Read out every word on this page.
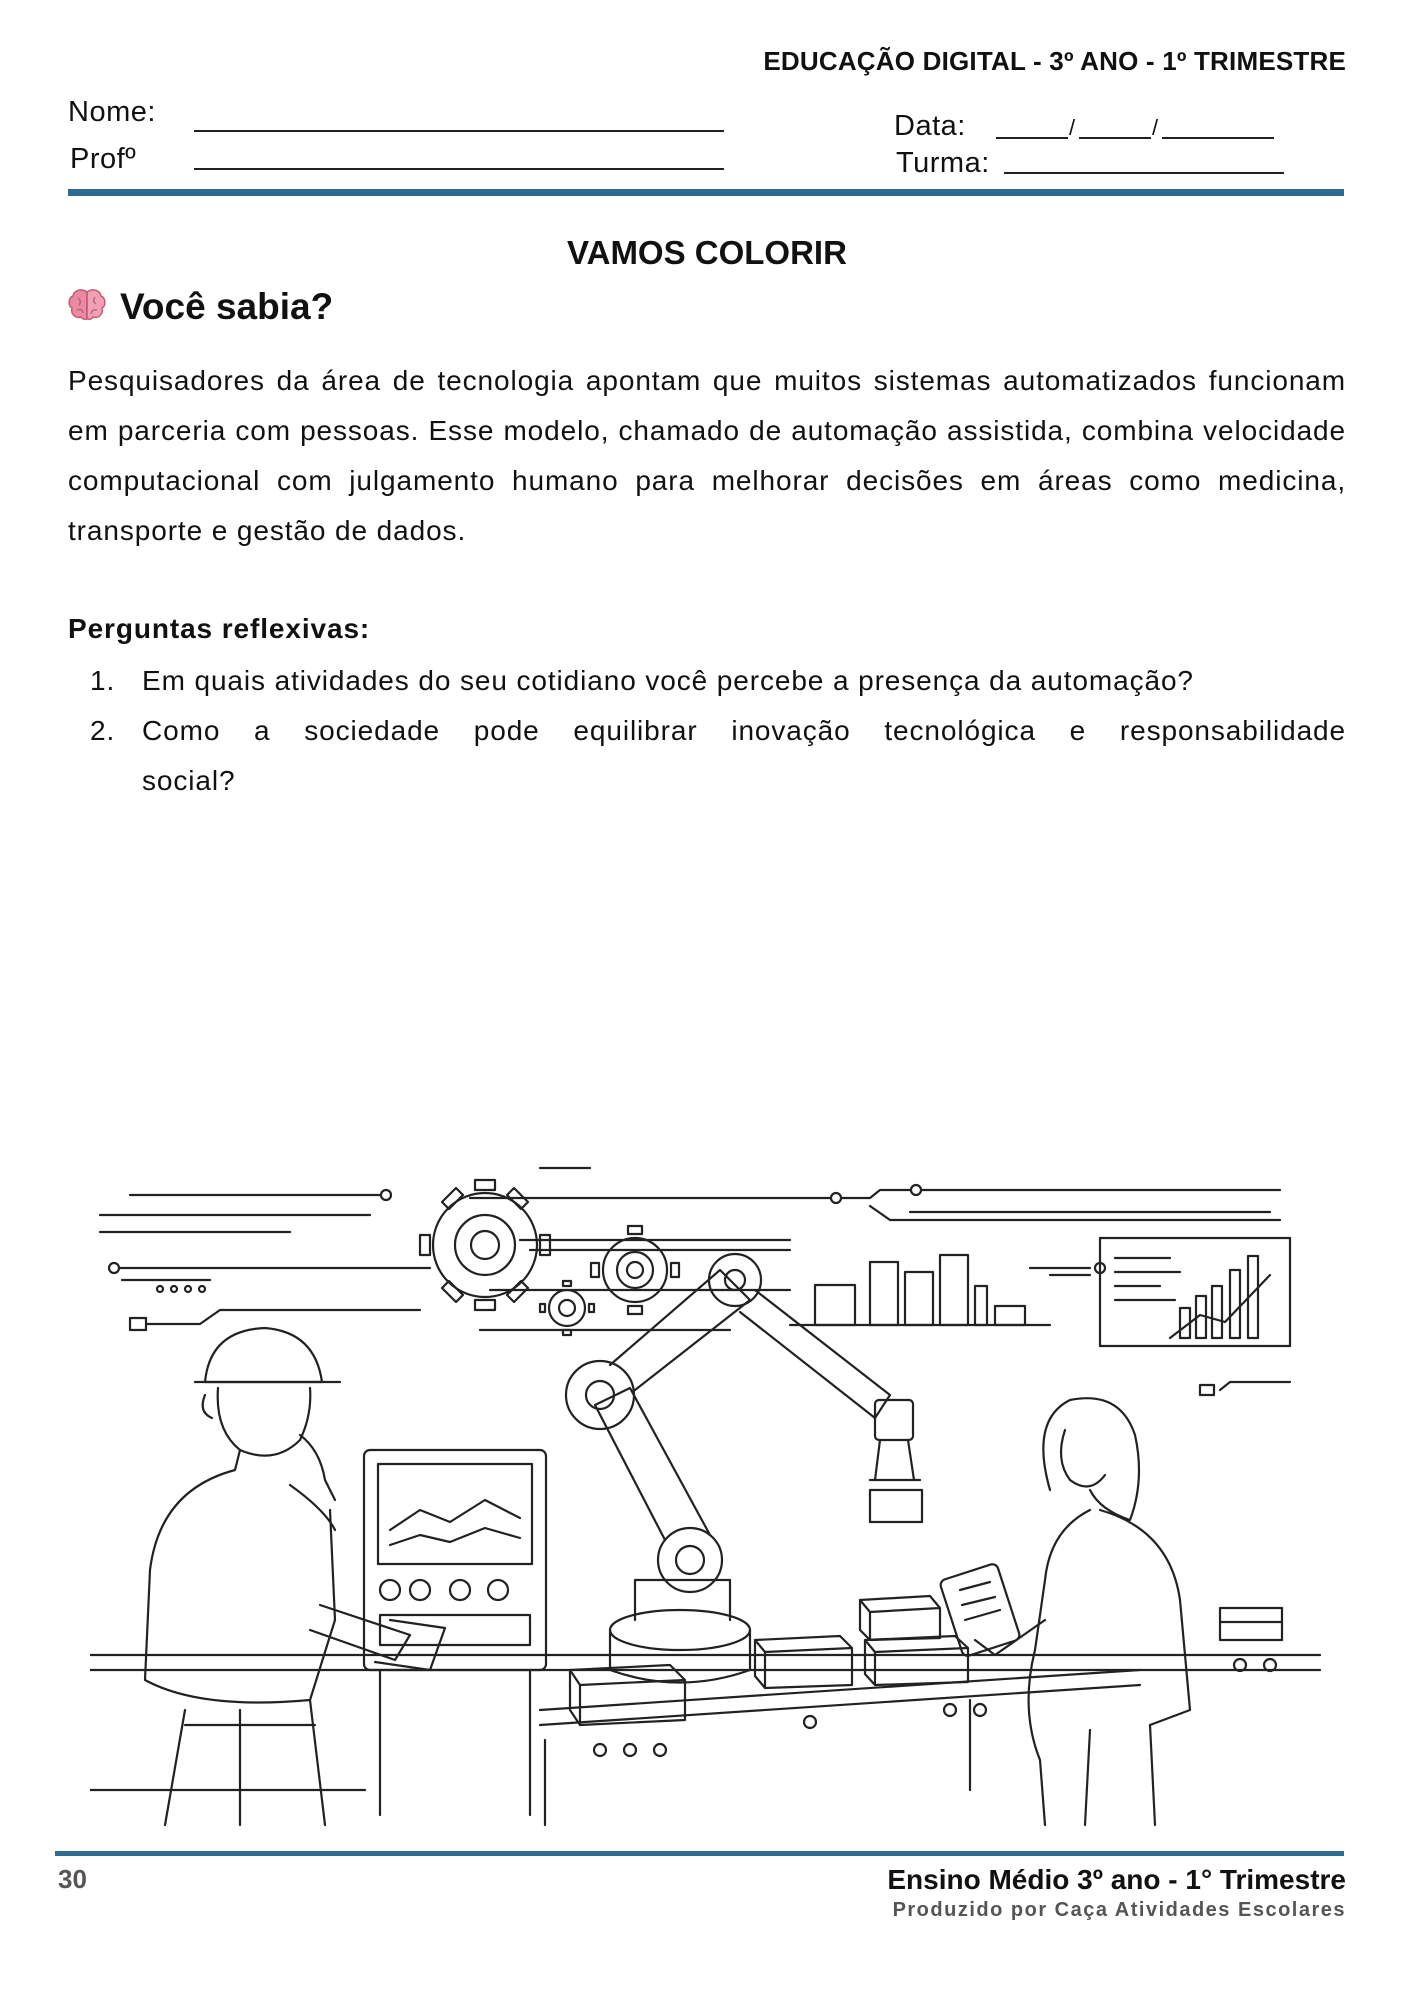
EDUCAÇÃO DIGITAL - 3º ANO - 1º TRIMESTRE
Nome:
Profº
Data:	/	/
Turma:
VAMOS COLORIR
Você sabia?
Pesquisadores da área de tecnologia apontam que muitos sistemas automatizados funcionam em parceria com pessoas. Esse modelo, chamado de automação assistida, combina velocidade computacional com julgamento humano para melhorar decisões em áreas como medicina, transporte e gestão de dados.
Perguntas reflexivas:
1. Em quais atividades do seu cotidiano você percebe a presença da automação?
2. Como a sociedade pode equilibrar inovação tecnológica e responsabilidade
social?
30	Ensino Médio 3º ano - 1° Trimestre
Produzido por Caça Atividades Escolares
